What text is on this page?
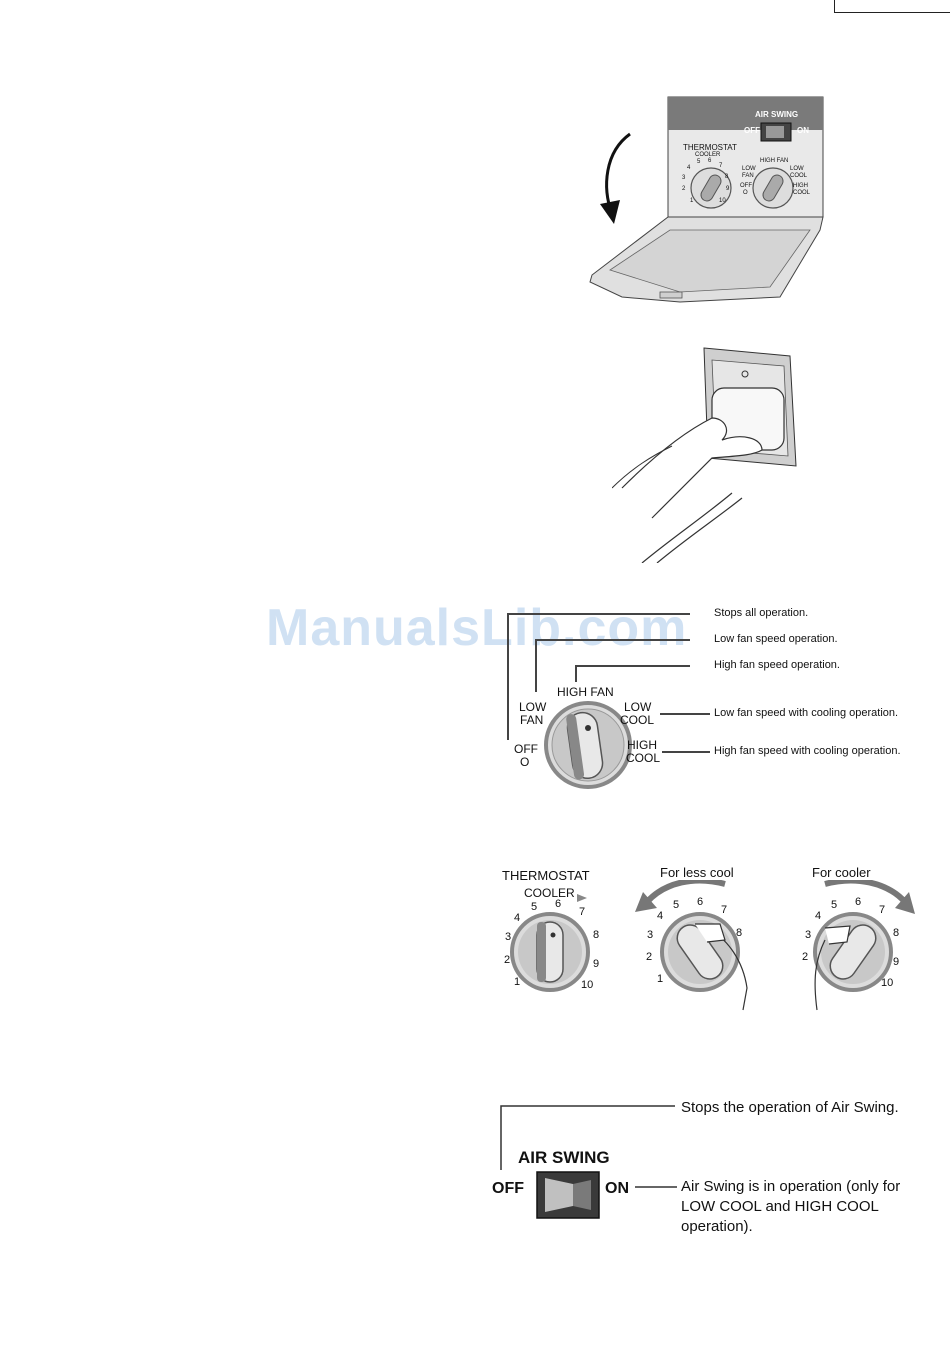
AIR SWING
OFF	ON
THERMOSTAT
COOLER
HIGH FAN
LOW FAN
LOW COOL
HIGH COOL
OFF
O
1
2
3
4
5 6
7
8
9
10
ManualsLib.com Stops all operation.
Low fan speed operation.
High fan speed operation.
Low fan speed with cooling operation.
High fan speed with cooling operation.
HIGH FAN
LOW
FAN
LOW
COOL
HIGH
COOL
OFF
O
THERMOSTAT
COOLER
For less cool	For cooler
1
2
3
4
5 6
7
8
9
10	1
2
3
4
5 6
7
8
2
3
4
5 6
7
8
9
10
AIR SWING
OFF	ON
Stops the operation of Air Swing.
Air Swing is in operation (only for
LOW COOL and HIGH COOL
operation).
